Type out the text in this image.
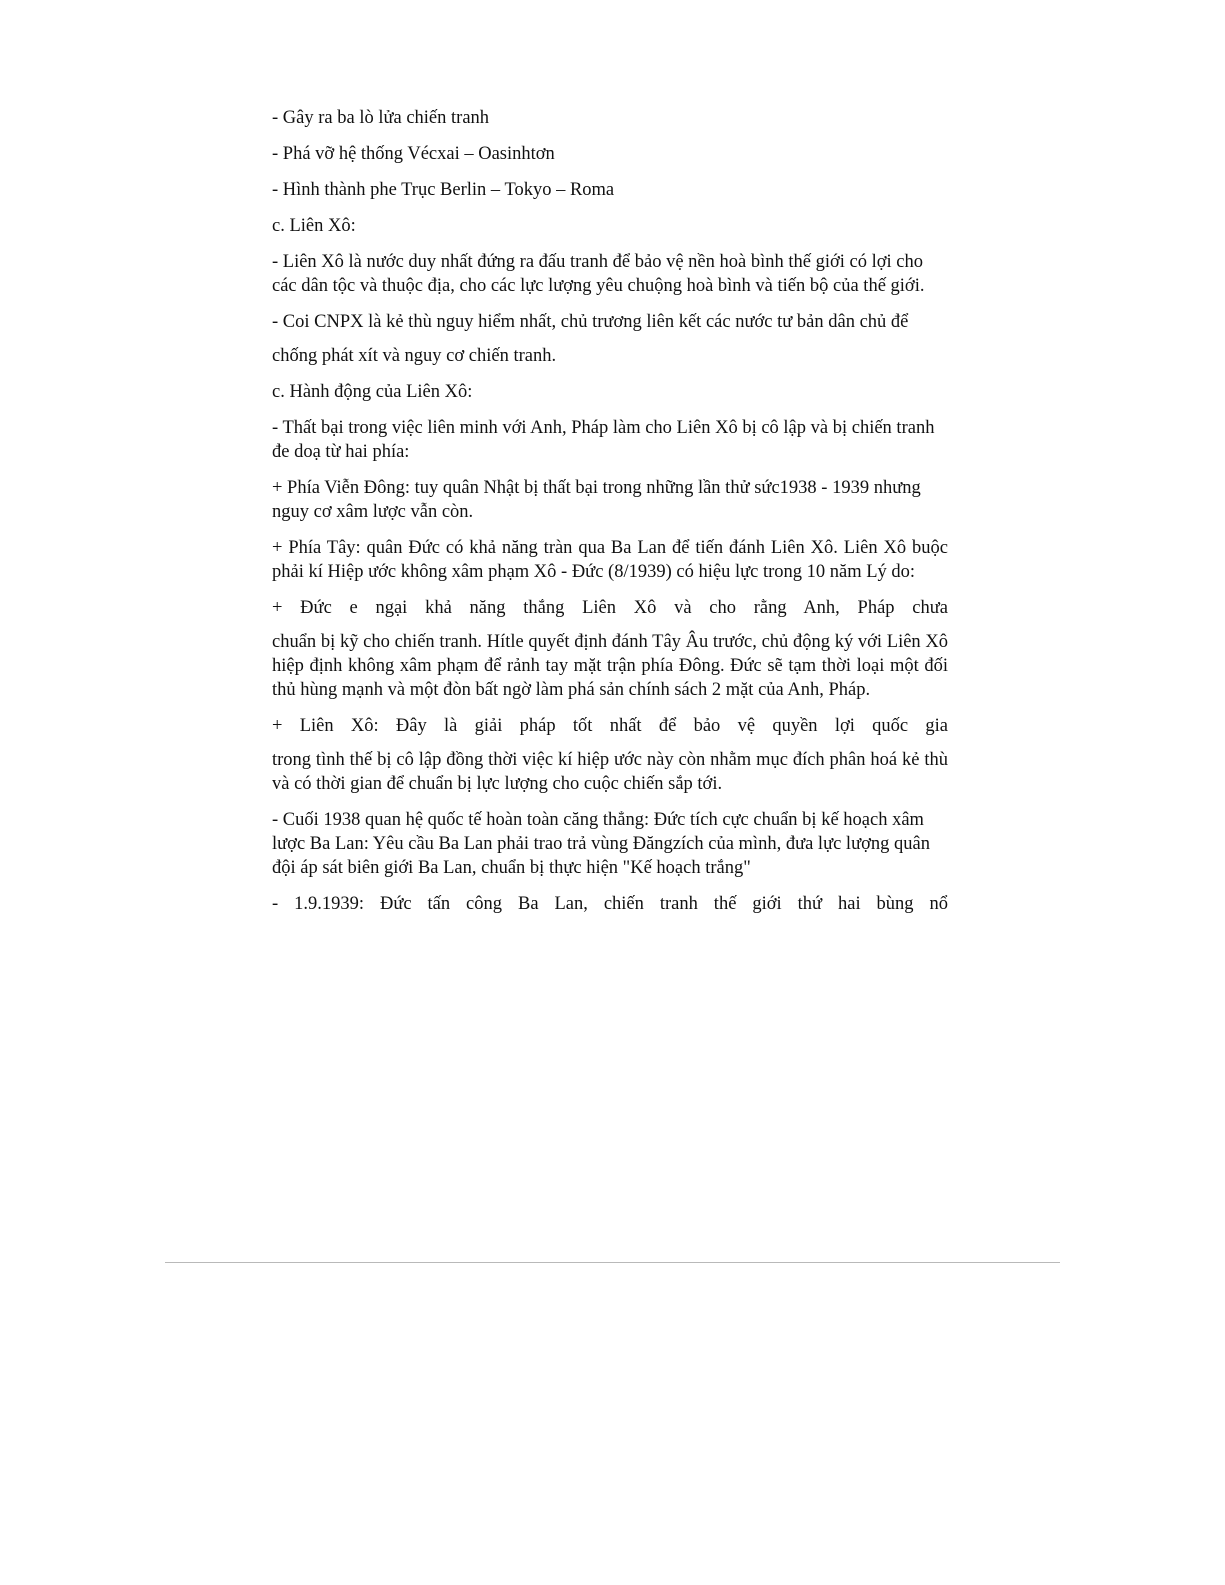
- Gây ra ba lò lửa chiến tranh

- Phá vỡ hệ thống Vécxai – Oasinhtơn

- Hình thành phe Trục Berlin – Tokyo – Roma

c. Liên Xô:

- Liên Xô là nước duy nhất đứng ra đấu tranh để bảo vệ nền hoà bình thế giới có lợi cho các dân tộc và thuộc địa, cho các lực lượng yêu chuộng hoà bình và tiến bộ của thế giới.

- Coi CNPX là kẻ thù nguy hiểm nhất, chủ trương liên kết các nước tư bản dân chủ để

chống phát xít và nguy cơ chiến tranh.

c. Hành động của Liên Xô:

- Thất bại trong việc liên minh với Anh, Pháp làm cho Liên Xô bị cô lập và bị chiến tranh đe doạ từ hai phía:

+ Phía Viễn Đông: tuy quân Nhật bị thất bại trong những lần thử sức1938 - 1939 nhưng nguy cơ xâm lược vẫn còn.

+ Phía Tây: quân Đức có khả năng tràn qua Ba Lan để tiến đánh Liên Xô. Liên Xô buộc phải kí Hiệp ước không xâm phạm Xô - Đức (8/1939) có hiệu lực trong 10 năm Lý do:

+ Đức e ngại khả năng thắng Liên Xô và cho rằng Anh, Pháp chưa

chuẩn bị kỹ cho chiến tranh. Hítle quyết định đánh Tây Âu trước, chủ động ký với Liên Xô hiệp định không xâm phạm để rảnh tay mặt trận phía Đông. Đức sẽ tạm thời loại một đối thủ hùng mạnh và một đòn bất ngờ làm phá sản chính sách 2 mặt của Anh, Pháp.

+ Liên Xô: Đây là giải pháp tốt nhất để bảo vệ quyền lợi quốc gia

trong tình thế bị cô lập đồng thời việc kí hiệp ước này còn nhằm mục đích phân hoá kẻ thù và có thời gian để chuẩn bị lực lượng cho cuộc chiến sắp tới.

- Cuối 1938 quan hệ quốc tế hoàn toàn căng thẳng: Đức tích cực chuẩn bị kế hoạch xâm lược Ba Lan: Yêu cầu Ba Lan phải trao trả vùng Đăngzích của mình, đưa lực lượng quân đội áp sát biên giới Ba Lan, chuẩn bị thực hiện "Kế hoạch trắng"

- 1.9.1939: Đức tấn công Ba Lan, chiến tranh thế giới thứ hai bùng nổ
